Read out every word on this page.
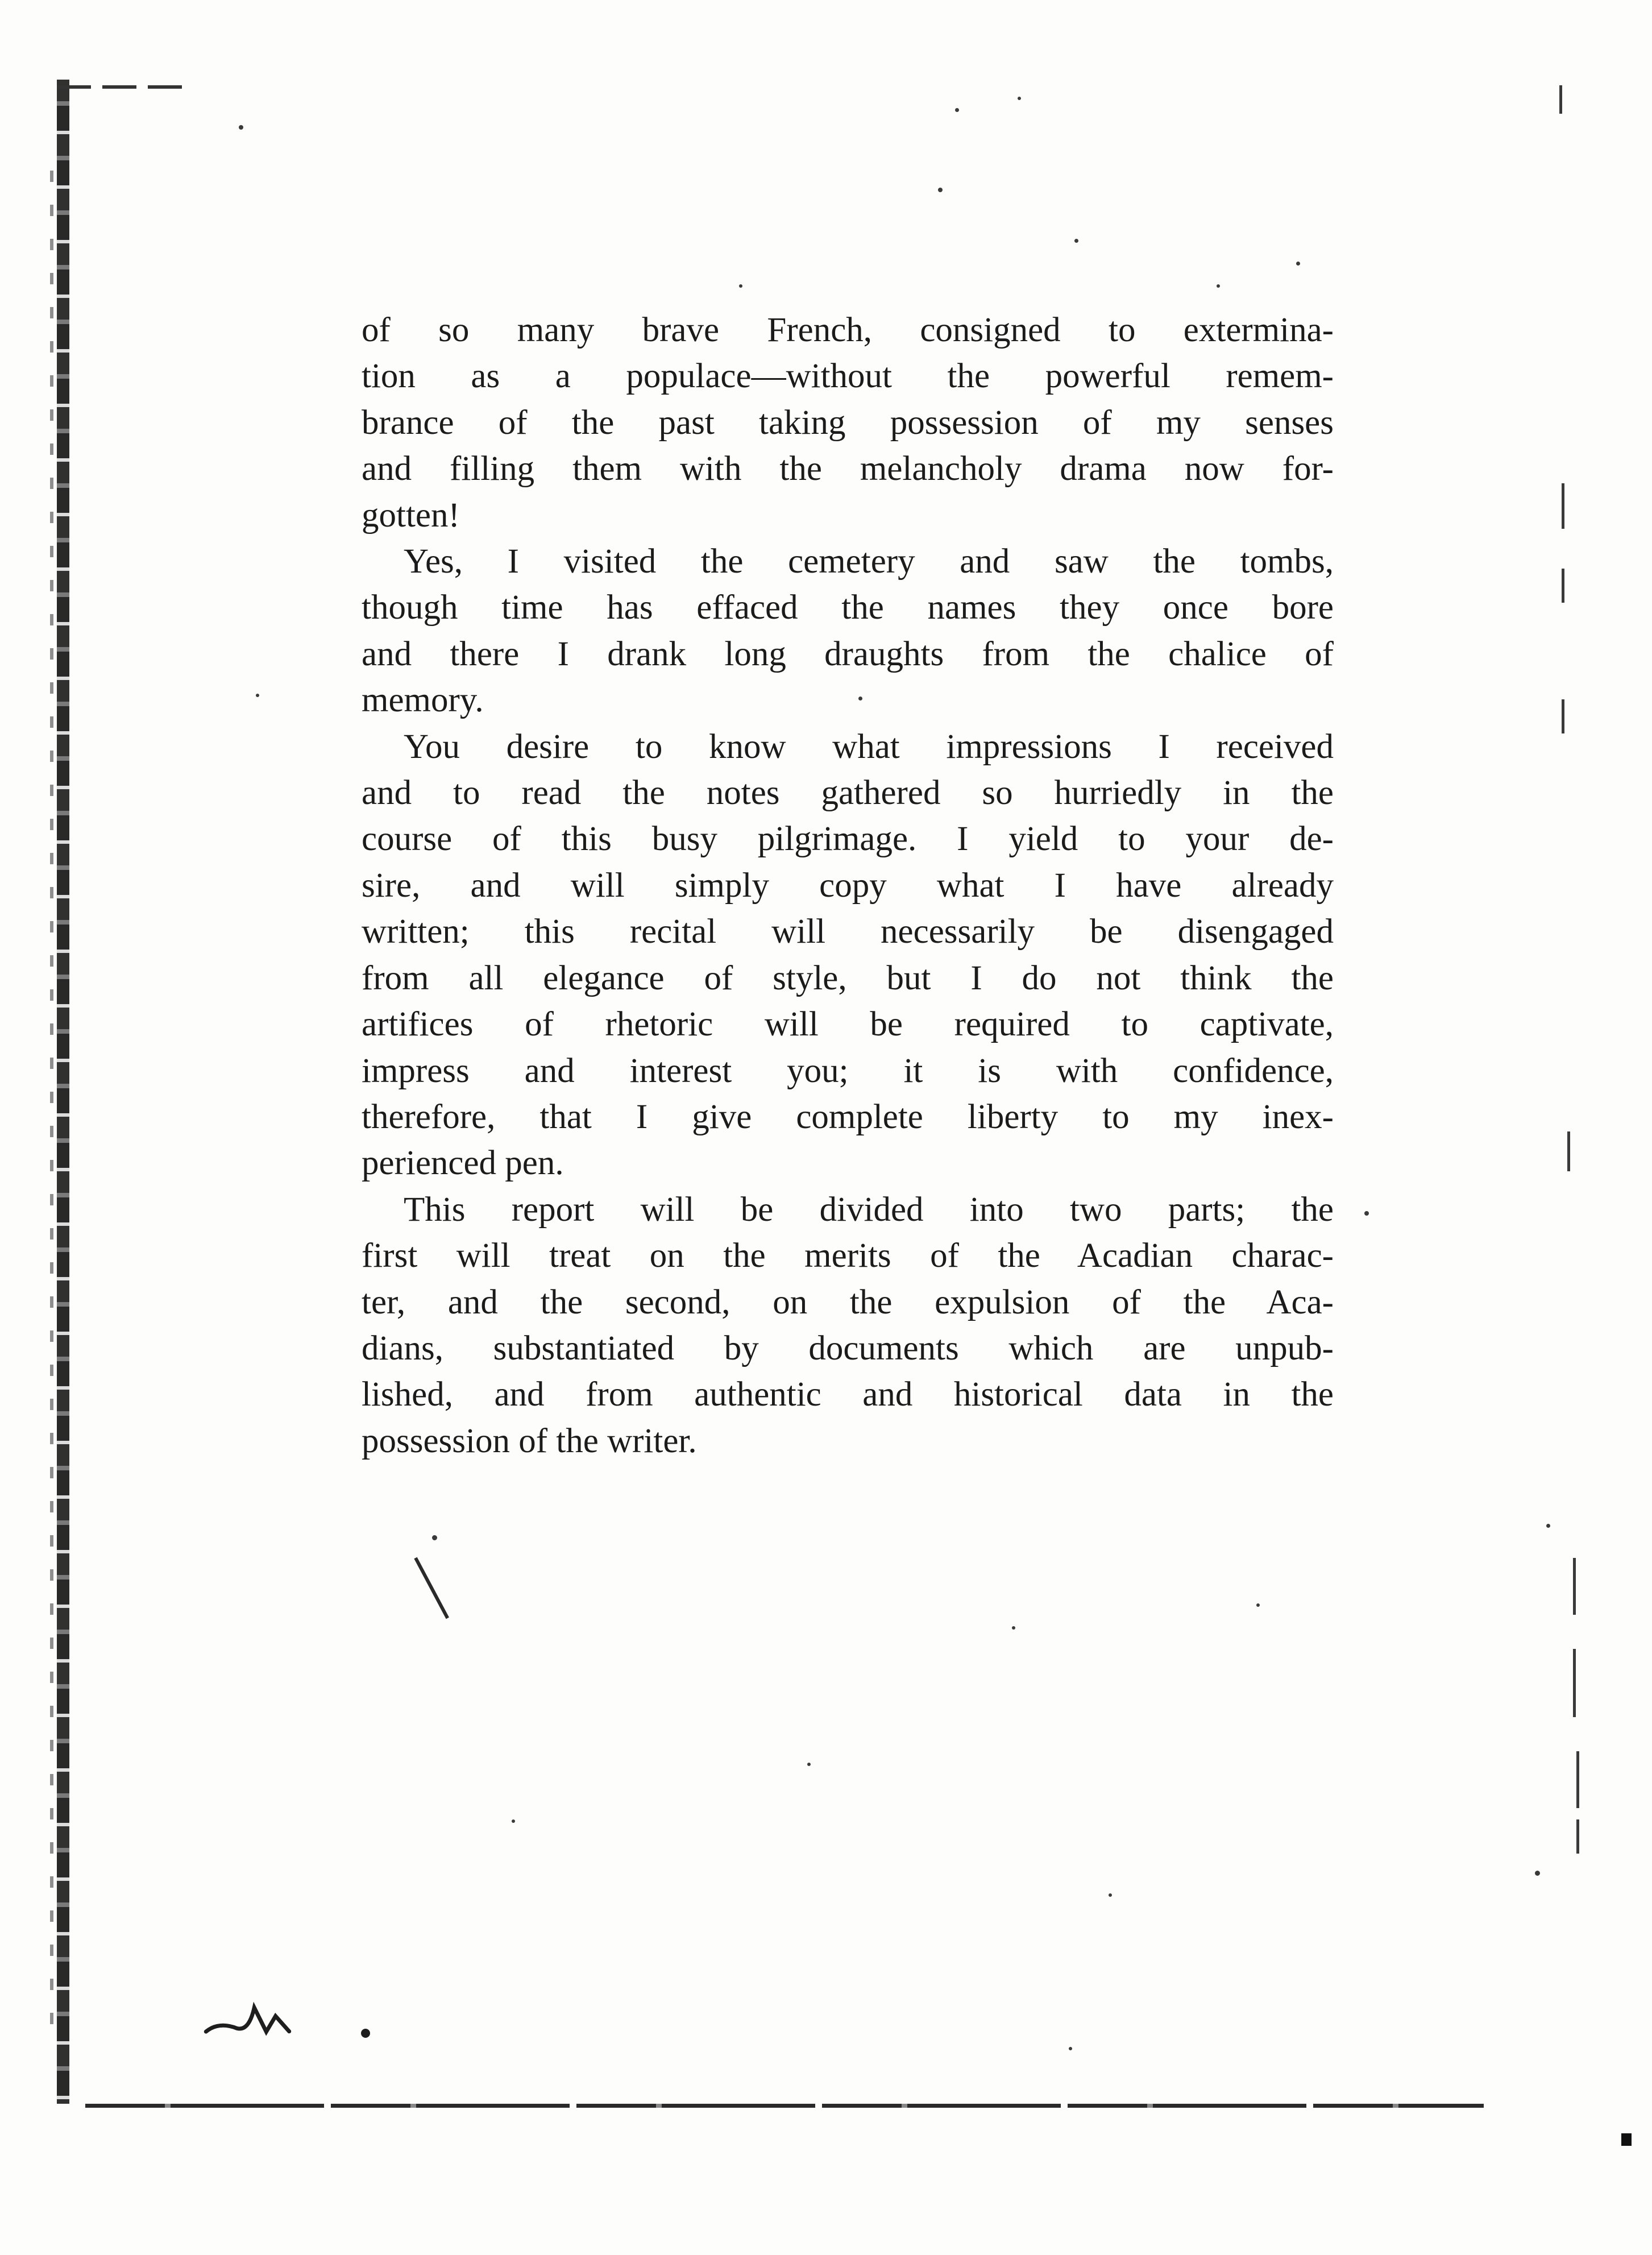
of so many brave French, consigned to extermina-
tion as a populace—without the powerful remem-
brance of the past taking possession of my senses
and filling them with the melancholy drama now for-
gotten!
Yes, I visited the cemetery and saw the tombs,
though time has effaced the names they once bore
and there I drank long draughts from the chalice of
memory.
You desire to know what impressions I received
and to read the notes gathered so hurriedly in the
course of this busy pilgrimage. I yield to your de-
sire, and will simply copy what I have already
written; this recital will necessarily be disengaged
from all elegance of style, but I do not think the
artifices of rhetoric will be required to captivate,
impress and interest you; it is with confidence,
therefore, that I give complete liberty to my inex-
perienced pen.
This report will be divided into two parts; the
first will treat on the merits of the Acadian charac-
ter, and the second, on the expulsion of the Aca-
dians, substantiated by documents which are unpub-
lished, and from authentic and historical data in the
possession of the writer.
